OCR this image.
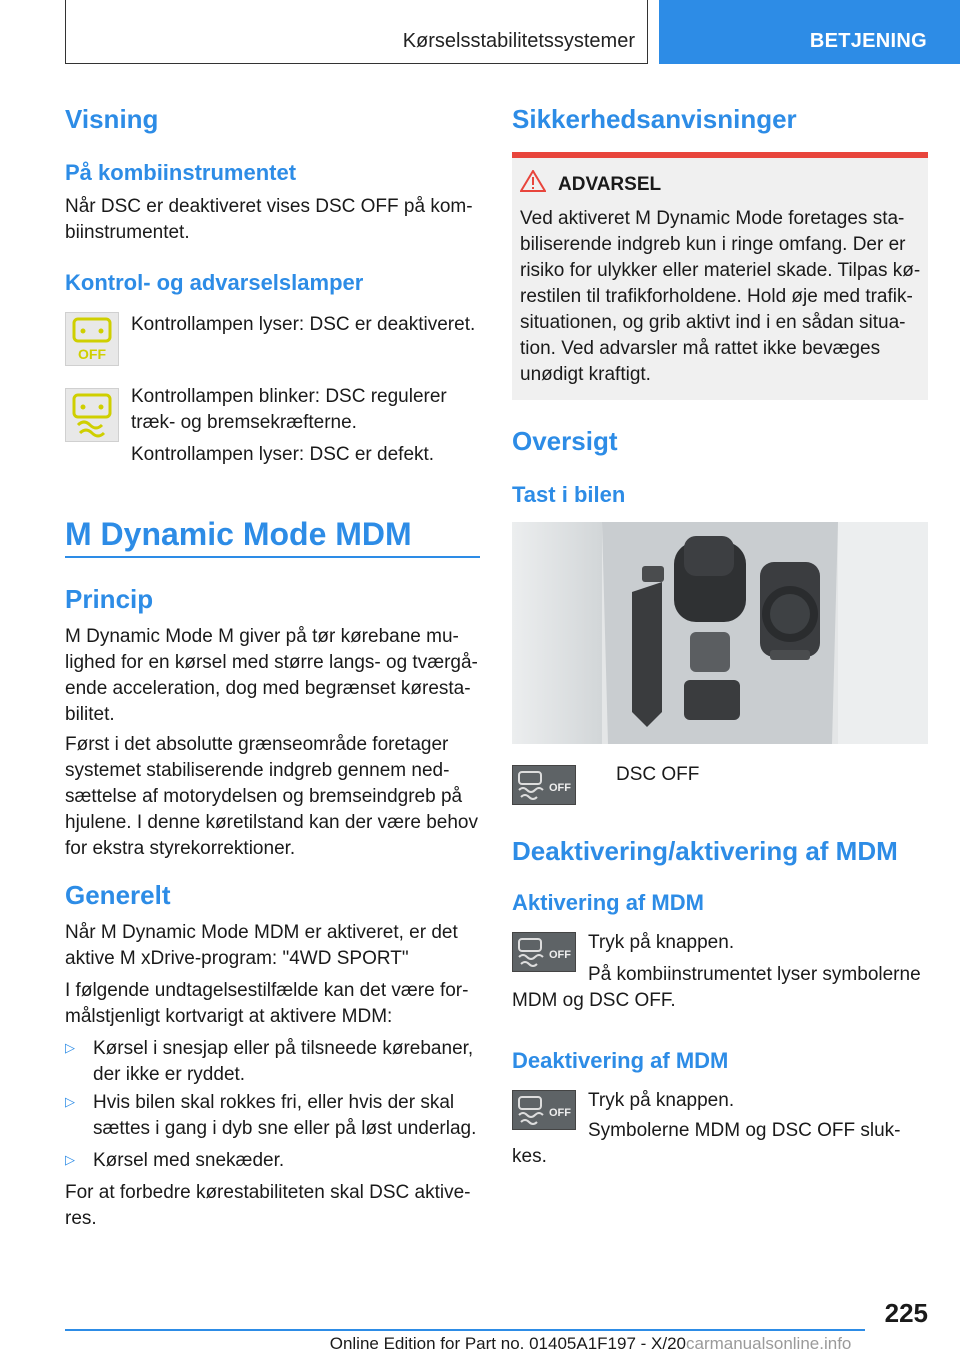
Kørselsstabilitetssystemer	BETJENING
Visning
På kombiinstrumentet

Når DSC er deaktiveret vises DSC OFF på kom-

biinstrumentet.

Kontrol- og advarselslamper
OFF

Kontrollampen lyser: DSC er deaktiveret.

Kontrollampen blinker: DSC regulerer

træk- og bremsekræfterne.

Kontrollampen lyser: DSC er defekt.

M Dynamic Mode MDM
Princip

M Dynamic Mode M giver på tør kørebane mu-

lighed for en kørsel med større langs- og tværgå-

ende acceleration, dog med begrænset køresta-

bilitet.

Først i det absolutte grænseområde foretager

systemet stabiliserende indgreb gennem ned-

sættelse af motorydelsen og bremseindgreb på

hjulene. I denne køretilstand kan der være behov

for ekstra styrekorrektioner.

Generelt

Når M Dynamic Mode MDM er aktiveret, er det

aktive M xDrive-program: "4WD SPORT"

I følgende undtagelsestilfælde kan det være for-

målstjenligt kortvarigt at aktivere MDM:

▷ Kørsel i snesjap eller på tilsneede kørebaner,

der ikke er ryddet.

▷ Hvis bilen skal rokkes fri, eller hvis der skal

sættes i gang i dyb sne eller på løst underlag.

▷ Kørsel med snekæder.

For at forbedre kørestabiliteten skal DSC aktive-

res.

Sikkerhedsanvisninger

ADVARSEL

Ved aktiveret M Dynamic Mode foretages sta-

biliserende indgreb kun i ringe omfang. Der er

risiko for ulykker eller materiel skade. Tilpas kø-

restilen til trafikforholdene. Hold øje med trafik-

situationen, og grib aktivt ind i en sådan situa-

tion. Ved advarsler må rattet ikke bevæges

unødigt kraftigt.

Oversigt
Tast i bilen
OFF

DSC OFF

Deaktivering/aktivering af MDM
Aktivering af MDM
OFF

Tryk på knappen.

På kombiinstrumentet lyser symbolerne

MDM og DSC OFF.

Deaktivering af MDM
OFF

Tryk på knappen.

Symbolerne MDM og DSC OFF sluk-

kes.

225

Online Edition for Part no. 01405A1F197 - X/20 carmanualsonline.info
